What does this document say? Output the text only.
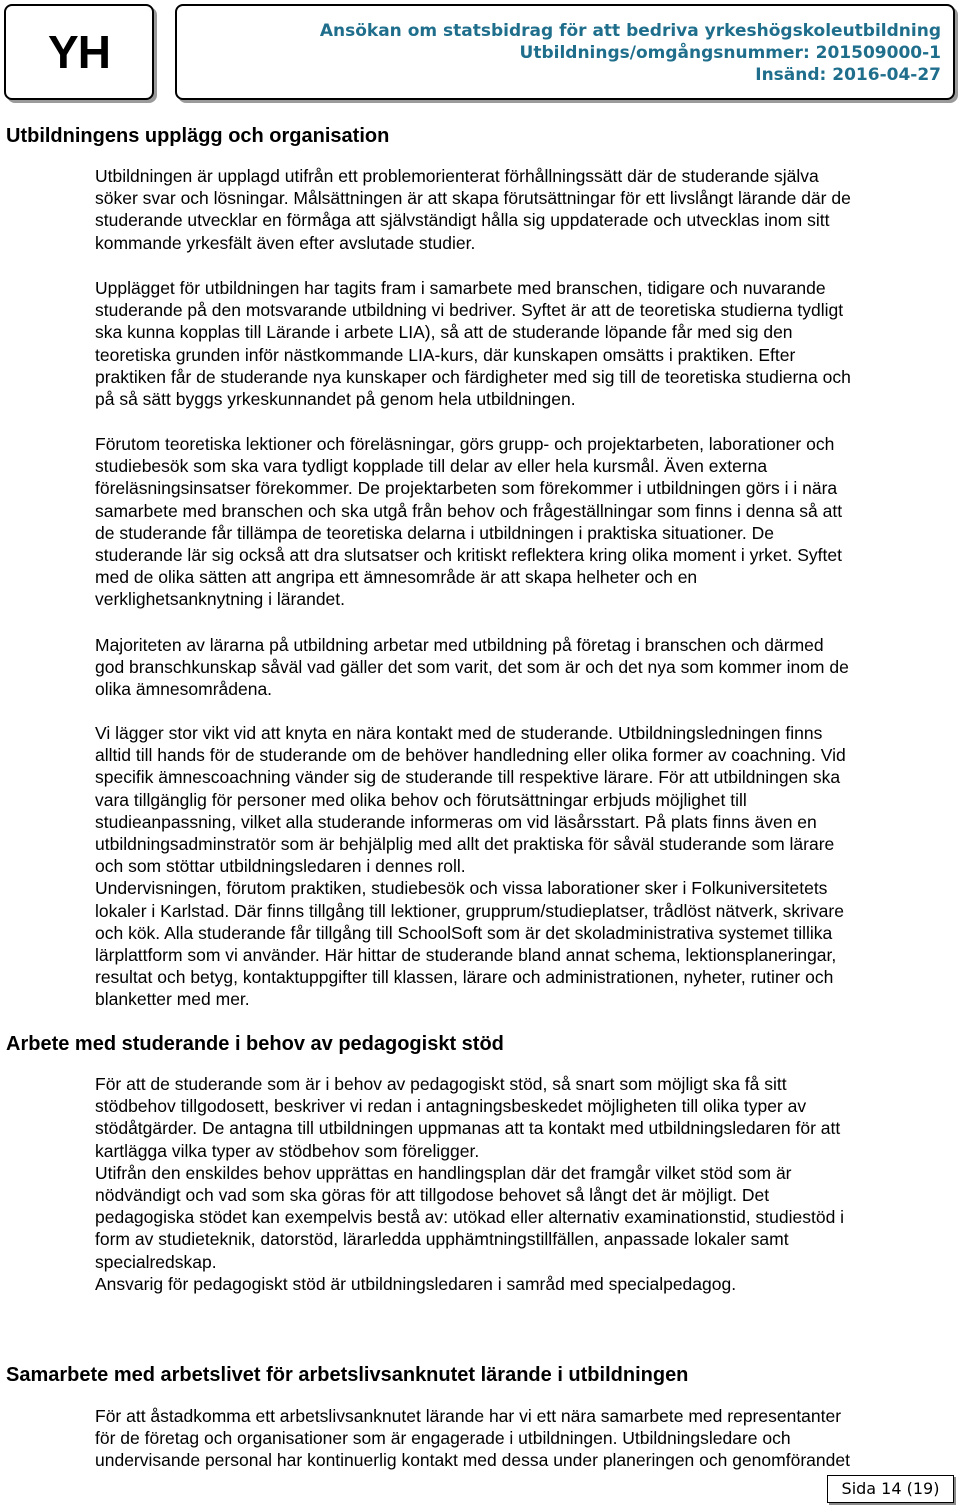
YH	Ansökan om statsbidrag för att bedriva yrkeshögskoleutbildning
Utbildnings/omgångsnummer: 201509000-1
Insänd: 2016-04-27
Utbildningens upplägg och organisation

Utbildningen är upplagd utifrån ett problemorienterat förhållningssätt där de studerande själva
söker svar och lösningar. Målsättningen är att skapa förutsättningar för ett livslångt lärande där de
studerande utvecklar en förmåga att självständigt hålla sig uppdaterade och utvecklas inom sitt
kommande yrkesfält även efter avslutade studier.

Upplägget för utbildningen har tagits fram i samarbete med branschen, tidigare och nuvarande
studerande på den motsvarande utbildning vi bedriver. Syftet är att de teoretiska studierna tydligt
ska kunna kopplas till Lärande i arbete LIA), så att de studerande löpande får med sig den
teoretiska grunden inför nästkommande LIA-kurs, där kunskapen omsätts i praktiken. Efter
praktiken får de studerande nya kunskaper och färdigheter med sig till de teoretiska studierna och
på så sätt byggs yrkeskunnandet på genom hela utbildningen.

Förutom teoretiska lektioner och föreläsningar, görs grupp- och projektarbeten, laborationer och
studiebesök som ska vara tydligt kopplade till delar av eller hela kursmål. Även externa
föreläsningsinsatser förekommer. De projektarbeten som förekommer i utbildningen görs i i nära
samarbete med branschen och ska utgå från behov och frågeställningar som finns i denna så att
de studerande får tillämpa de teoretiska delarna i utbildningen i praktiska situationer. De
studerande lär sig också att dra slutsatser och kritiskt reflektera kring olika moment i yrket. Syftet
med de olika sätten att angripa ett ämnesområde är att skapa helheter och en
verklighetsanknytning i lärandet.

Majoriteten av lärarna på utbildning arbetar med utbildning på företag i branschen och därmed
god branschkunskap såväl vad gäller det som varit, det som är och det nya som kommer inom de
olika ämnesområdena.

Vi lägger stor vikt vid att knyta en nära kontakt med de studerande. Utbildningsledningen finns
alltid till hands för de studerande om de behöver handledning eller olika former av coachning. Vid
specifik ämnescoachning vänder sig de studerande till respektive lärare. För att utbildningen ska
vara tillgänglig för personer med olika behov och förutsättningar erbjuds möjlighet till
studieanpassning, vilket alla studerande informeras om vid läsårsstart. På plats finns även en
utbildningsadminstratör som är behjälplig med allt det praktiska för såväl studerande som lärare
och som stöttar utbildningsledaren i dennes roll.
Undervisningen, förutom praktiken, studiebesök och vissa laborationer sker i Folkuniversitetets
lokaler i Karlstad. Där finns tillgång till lektioner, grupprum/studieplatser, trådlöst nätverk, skrivare
och kök. Alla studerande får tillgång till SchoolSoft som är det skoladministrativa systemet tillika
lärplattform som vi använder. Här hittar de studerande bland annat schema, lektionsplaneringar,
resultat och betyg, kontaktuppgifter till klassen, lärare och administrationen, nyheter, rutiner och
blanketter med mer.

Arbete med studerande i behov av pedagogiskt stöd

För att de studerande som är i behov av pedagogiskt stöd, så snart som möjligt ska få sitt
stödbehov tillgodosett, beskriver vi redan i antagningsbeskedet möjligheten till olika typer av
stödåtgärder. De antagna till utbildningen uppmanas att ta kontakt med utbildningsledaren för att
kartlägga vilka typer av stödbehov som föreligger.
Utifrån den enskildes behov upprättas en handlingsplan där det framgår vilket stöd som är
nödvändigt och vad som ska göras för att tillgodose behovet så långt det är möjligt. Det
pedagogiska stödet kan exempelvis bestå av: utökad eller alternativ examinationstid, studiestöd i
form av studieteknik, datorstöd, lärarledda upphämtningstillfällen, anpassade lokaler samt
specialredskap.
Ansvarig för pedagogiskt stöd är utbildningsledaren i samråd med specialpedagog.

Samarbete med arbetslivet för arbetslivsanknutet lärande i utbildningen

För att åstadkomma ett arbetslivsanknutet lärande har vi ett nära samarbete med representanter
för de företag och organisationer som är engagerade i utbildningen. Utbildningsledare och
undervisande personal har kontinuerlig kontakt med dessa under planeringen och genomförandet

Sida 14 (19)
